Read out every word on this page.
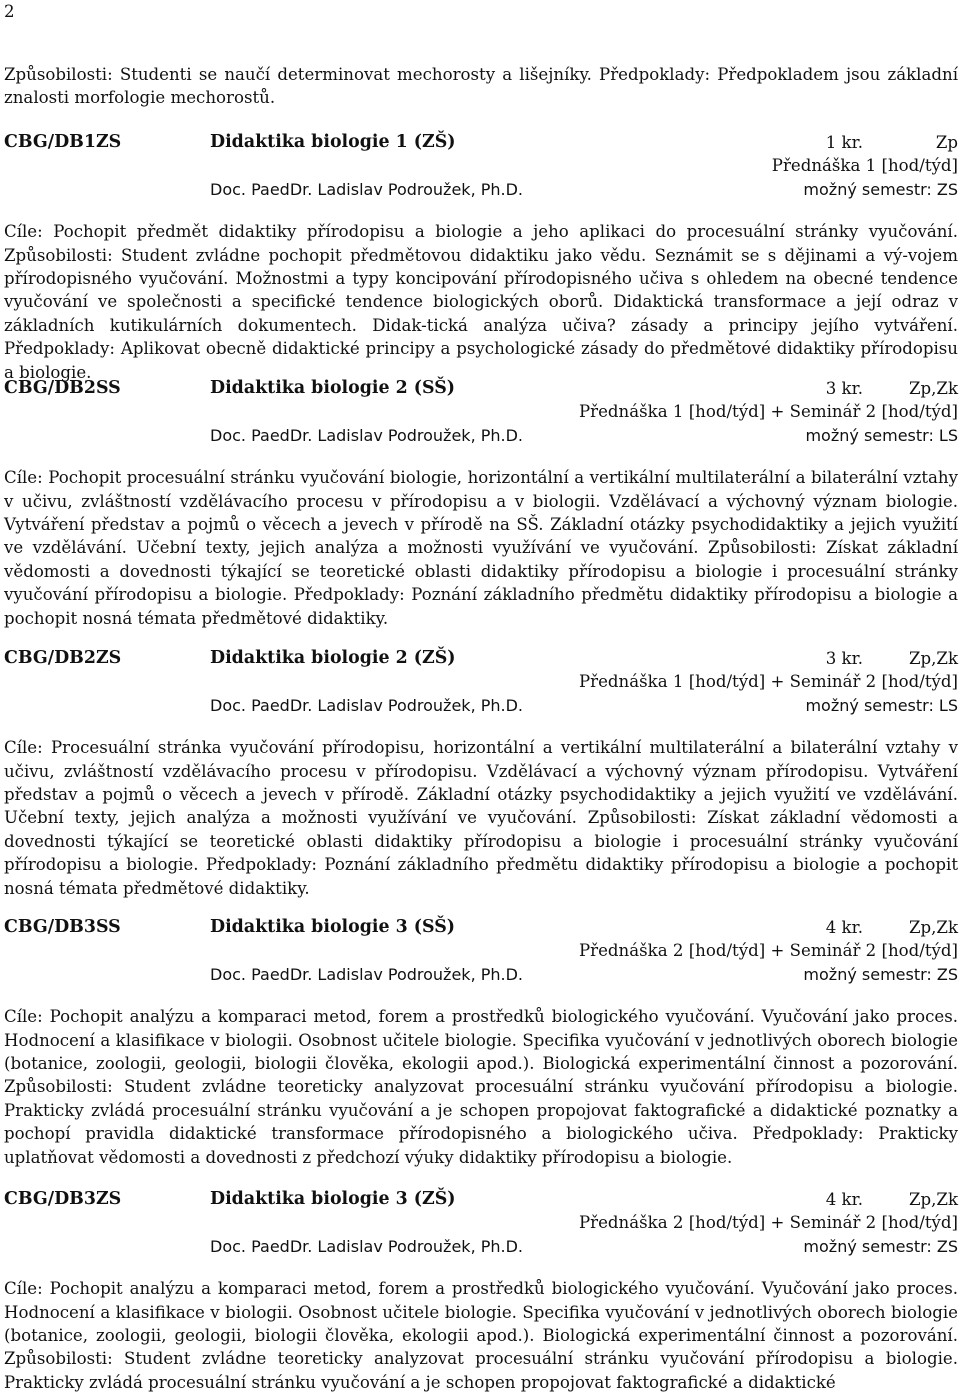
2
Způsobilosti: Studenti se naučí determinovat mechorosty a lišejníky. Předpoklady: Předpokladem jsou základní znalosti morfologie mechorostů.
CBG/DB1ZS	Didaktika biologie 1 (ZŠ)	1 kr.	Zp
Přednáška 1 [hod/týd]
Doc. PaedDr. Ladislav Podroužek, Ph.D.	možný semestr: ZS
Cíle: Pochopit předmět didaktiky přírodopisu a biologie a jeho aplikaci do procesuální stránky vyučování. Způsobilosti: Student zvládne pochopit předmětovou didaktiku jako vědu. Seznámit se s dějinami a vý-vojem přírodopisného vyučování. Možnostmi a typy koncipování přírodopisného učiva s ohledem na obecné tendence vyučování ve společnosti a specifické tendence biologických oborů. Didaktická transformace a její odraz v základních kutikulárních dokumentech. Didak-tická analýza učiva? zásady a principy jejího vytváření. Předpoklady: Aplikovat obecně didaktické principy a psychologické zásady do předmětové didaktiky přírodopisu a biologie.
CBG/DB2SS	Didaktika biologie 2 (SŠ)	3 kr.	Zp,Zk
Přednáška 1 [hod/týd] + Seminář 2 [hod/týd]
Doc. PaedDr. Ladislav Podroužek, Ph.D.	možný semestr: LS
Cíle: Pochopit procesuální stránku vyučování biologie, horizontální a vertikální multilaterální a bilaterální vztahy v učivu, zvláštností vzdělávacího procesu v přírodopisu a v biologii. Vzdělávací a výchovný význam biologie. Vytváření představ a pojmů o věcech a jevech v přírodě na SŠ. Základní otázky psychodidaktiky a jejich využití ve vzdělávání. Učební texty, jejich analýza a možnosti využívání ve vyučování. Způsobilosti: Získat základní vědomosti a dovednosti týkající se teoretické oblasti didaktiky přírodopisu a biologie i procesuální stránky vyučování přírodopisu a biologie. Předpoklady: Poznání základního předmětu didaktiky přírodopisu a biologie a pochopit nosná témata předmětové didaktiky.
CBG/DB2ZS	Didaktika biologie 2 (ZŠ)	3 kr.	Zp,Zk
Přednáška 1 [hod/týd] + Seminář 2 [hod/týd]
Doc. PaedDr. Ladislav Podroužek, Ph.D.	možný semestr: LS
Cíle: Procesuální stránka vyučování přírodopisu, horizontální a vertikální multilaterální a bilaterální vztahy v učivu, zvláštností vzdělávacího procesu v přírodopisu. Vzdělávací a výchovný význam přírodopisu. Vytváření představ a pojmů o věcech a jevech v přírodě. Základní otázky psychodidaktiky a jejich využití ve vzdělávání. Učební texty, jejich analýza a možnosti využívání ve vyučování. Způsobilosti: Získat základní vědomosti a dovednosti týkající se teoretické oblasti didaktiky přírodopisu a biologie i procesuální stránky vyučování přírodopisu a biologie. Předpoklady: Poznání základního předmětu didaktiky přírodopisu a biologie a pochopit nosná témata předmětové didaktiky.
CBG/DB3SS	Didaktika biologie 3 (SŠ)	4 kr.	Zp,Zk
Přednáška 2 [hod/týd] + Seminář 2 [hod/týd]
Doc. PaedDr. Ladislav Podroužek, Ph.D.	možný semestr: ZS
Cíle: Pochopit analýzu a komparaci metod, forem a prostředků biologického vyučování. Vyučování jako proces. Hodnocení a klasifikace v biologii. Osobnost učitele biologie. Specifika vyučování v jednotlivých oborech biologie (botanice, zoologii, geologii, biologii člověka, ekologii apod.). Biologická experimentální činnost a pozorování. Způsobilosti: Student zvládne teoreticky analyzovat procesuální stránku vyučování přírodopisu a biologie. Prakticky zvládá procesuální stránku vyučování a je schopen propojovat faktografické a didaktické poznatky a pochopí pravidla didaktické transformace přírodopisného a biologického učiva. Předpoklady: Prakticky uplatňovat vědomosti a dovednosti z předchozí výuky didaktiky přírodopisu a biologie.
CBG/DB3ZS	Didaktika biologie 3 (ZŠ)	4 kr.	Zp,Zk
Přednáška 2 [hod/týd] + Seminář 2 [hod/týd]
Doc. PaedDr. Ladislav Podroužek, Ph.D.	možný semestr: ZS
Cíle: Pochopit analýzu a komparaci metod, forem a prostředků biologického vyučování. Vyučování jako proces. Hodnocení a klasifikace v biologii. Osobnost učitele biologie. Specifika vyučování v jednotlivých oborech biologie (botanice, zoologii, geologii, biologii člověka, ekologii apod.). Biologická experimentální činnost a pozorování. Způsobilosti: Student zvládne teoreticky analyzovat procesuální stránku vyučování přírodopisu a biologie. Prakticky zvládá procesuální stránku vyučování a je schopen propojovat faktografické a didaktické
